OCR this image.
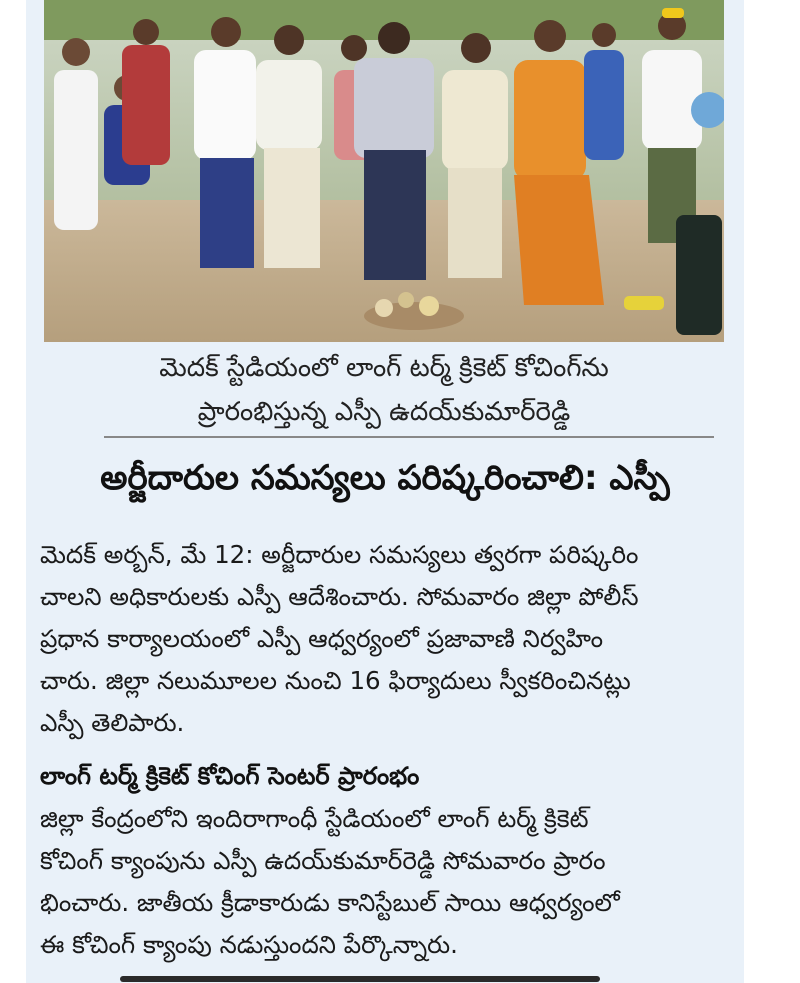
మెదక్ స్టేడియంలో లాంగ్ టర్మ్ క్రికెట్ కోచింగ్‌ను
ప్రారంభిస్తున్న ఎస్పీ ఉదయ్‌కుమార్‌రెడ్డి
అర్జీదారుల సమస్యలు పరిష్కరించాలి: ఎస్పీ
మెదక్ అర్బన్, మే 12: అర్జీదారుల సమస్యలు త్వరగా పరిష్కరిం
చాలని అధికారులకు ఎస్పీ ఆదేశించారు. సోమవారం జిల్లా పోలీస్
ప్రధాన కార్యాలయంలో ఎస్పీ ఆధ్వర్యంలో ప్రజావాణి నిర్వహిం
చారు. జిల్లా నలుమూలల నుంచి 16 ఫిర్యాదులు స్వీకరించినట్లు
ఎస్పీ తెలిపారు.
లాంగ్ టర్మ్ క్రికెట్ కోచింగ్ సెంటర్ ప్రారంభం
జిల్లా కేంద్రంలోని ఇందిరాగాంధీ స్టేడియంలో లాంగ్ టర్మ్ క్రికెట్
కోచింగ్ క్యాంపును ఎస్పీ ఉదయ్‌కుమార్‌రెడ్డి సోమవారం ప్రారం
భించారు. జాతీయ క్రీడాకారుడు కానిస్టేబుల్ సాయి ఆధ్వర్యంలో
ఈ కోచింగ్ క్యాంపు నడుస్తుందని పేర్కొన్నారు.
